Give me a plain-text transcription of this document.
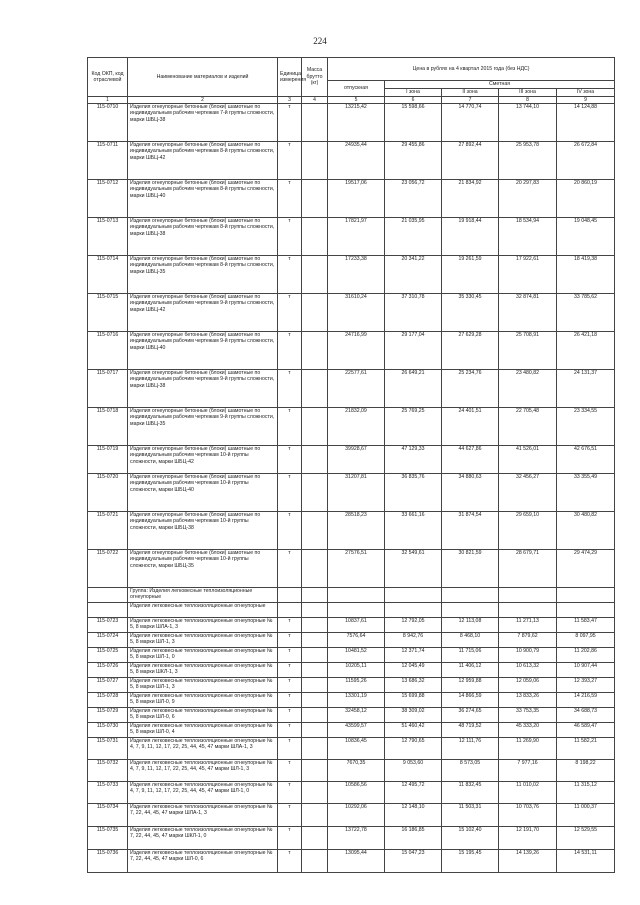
224
Код ОКП, код отраслевой	Наименование материалов и изделий	Единица измерения	Масса брутто (кг)	Цена в рублях на 4 квартал 2015 года (без НДС)				
				отпускная	Сметная			
					I зона	II зона	III зона	IV зона
1	2	3	4	5	6	7	8	9
115-0710	Изделия огнеупорные бетонные (блоки) шамотные по индивидуальным рабочим чертежам 7-й группы сложности, марки ШБЦ-38	т		13215,42	15 598,66	14 770,74	13 744,10	14 124,88
115-0711	Изделия огнеупорные бетонные (блоки) шамотные по индивидуальным рабочим чертежам 8-й группы сложности, марки ШБЦ-42	т		24935,44	29 455,86	27 892,44	25 953,78	26 672,84
115-0712	Изделия огнеупорные бетонные (блоки) шамотные по индивидуальным рабочим чертежам 8-й группы сложности, марки ШБЦ-40	т		19517,06	23 056,72	21 834,92	20 297,83	20 860,19
115-0713	Изделия огнеупорные бетонные (блоки) шамотные по индивидуальным рабочим чертежам 8-й группы сложности, марки ШБЦ-38	т		17821,97	21 035,95	19 918,44	18 534,94	19 048,45
115-0714	Изделия огнеупорные бетонные (блоки) шамотные по индивидуальным рабочим чертежам 8-й группы сложности, марки ШБЦ-35	т		17233,38	20 341,22	19 261,59	17 922,61	18 419,38
115-0715	Изделия огнеупорные бетонные (блоки) шамотные по индивидуальным рабочим чертежам 9-й группы сложности, марки ШБЦ-42	т		31610,24	37 310,78	35 330,45	32 874,81	33 785,62
115-0716	Изделия огнеупорные бетонные (блоки) шамотные по индивидуальным рабочим чертежам 9-й группы сложности, марки ШБЦ-40	т		24716,99	29 177,04	27 629,28	25 708,91	26 421,18
115-0717	Изделия огнеупорные бетонные (блоки) шамотные по индивидуальным рабочим чертежам 9-й группы сложности, марки ШБЦ-38	т		22577,61	26 649,21	25 234,76	23 480,82	24 131,37
115-0718	Изделия огнеупорные бетонные (блоки) шамотные по индивидуальным рабочим чертежам 9-й группы сложности, марки ШБЦ-35	т		21832,09	25 769,25	24 401,51	22 705,48	23 334,55
115-0719	Изделия огнеупорные бетонные (блоки) шамотные по индивидуальным рабочим чертежам 10-й группы сложности, марки ШБЦ-42	т		39928,67	47 129,33	44 627,86	41 526,01	42 676,51
115-0720	Изделия огнеупорные бетонные (блоки) шамотные по индивидуальным рабочим чертежам 10-й группы сложности, марки ШБЦ-40	т		31207,81	36 835,76	34 880,63	32 456,27	33 355,49
115-0721	Изделия огнеупорные бетонные (блоки) шамотные по индивидуальным рабочим чертежам 10-й группы сложности, марки ШБЦ-38	т		28518,23	33 661,16	31 874,54	29 659,10	30 480,82
115-0722	Изделия огнеупорные бетонные (блоки) шамотные по индивидуальным рабочим чертежам 10-й группы сложности, марки ШБЦ-35	т		27576,51	32 549,61	30 821,59	28 679,71	29 474,29
	Группа: Изделия легковесные теплоизоляционные огнеупорные							
	Изделия легковесные теплоизоляционные огнеупорные							
115-0723	Изделия легковесные теплоизоляционные огнеупорные № 5, 8 марки ШЛА-1, 3	т		10837,61	12 792,05	12 113,08	11 271,13	11 583,47
115-0724	Изделия легковесные теплоизоляционные огнеупорные № 5, 8 марки ШЛ-1, 3	т		7576,64	8 942,76	8 468,10	7 879,62	8 097,95
115-0725	Изделия легковесные теплоизоляционные огнеупорные № 5, 8 марки ШЛ-1, 0	т		10481,52	12 371,74	11 715,06	10 900,79	11 202,86
115-0726	Изделия легковесные теплоизоляционные огнеупорные № 5, 8 марки ШКЛ-1, 3	т		10205,11	12 045,49	11 406,12	10 613,32	10 907,44
115-0727	Изделия легковесные теплоизоляционные огнеупорные № 5, 8 марки ШЛ-1, 3	т		11595,26	13 686,32	12 959,88	12 059,06	12 393,27
115-0728	Изделия легковесные теплоизоляционные огнеупорные № 5, 8 марки ШЛ-0, 9	т		13301,19	15 699,88	14 866,59	13 833,26	14 216,59
115-0729	Изделия легковесные теплоизоляционные огнеупорные № 5, 8 марки ШЛ-0, 6	т		32458,12	38 309,02	36 274,65	33 753,35	34 688,73
115-0730	Изделия легковесные теплоизоляционные огнеупорные № 5, 8 марки ШЛ-0, 4	т		43599,57	51 460,42	48 719,52	45 333,20	46 589,47
115-0731	Изделия легковесные теплоизоляционные огнеупорные № 4, 7, 9, 11, 12, 17, 22, 25, 44, 45, 47 марки ШЛА-1, 3	т		10836,45	12 790,65	12 111,76	11 269,90	11 582,21
115-0732	Изделия легковесные теплоизоляционные огнеупорные № 4, 7, 9, 11, 12, 17, 22, 25, 44, 45, 47 марки ШЛ-1, 3	т		7670,35	9 053,60	8 573,05	7 977,16	8 198,22
115-0733	Изделия легковесные теплоизоляционные огнеупорные № 4, 7, 9, 11, 12, 17, 22, 25, 44, 45, 47 марки ШЛ-1, 0	т		10586,56	12 495,72	11 832,45	11 010,02	11 315,12
115-0734	Изделия легковесные теплоизоляционные огнеупорные № 7, 22, 44, 45, 47 марки ШЛА-1, 3	т		10292,06	12 148,10	11 503,31	10 703,76	11 000,37
115-0735	Изделия легковесные теплоизоляционные огнеупорные № 7, 22, 44, 45, 47 марки ШКЛ-1, 0	т		13722,78	16 186,85	15 102,40	12 191,70	12 529,55
115-0736	Изделия легковесные теплоизоляционные огнеупорные № 7, 22, 44, 45, 47 марки ШЛ-0, 6	т		13095,44	15 047,23	15 195,45	14 139,26	14 531,11
